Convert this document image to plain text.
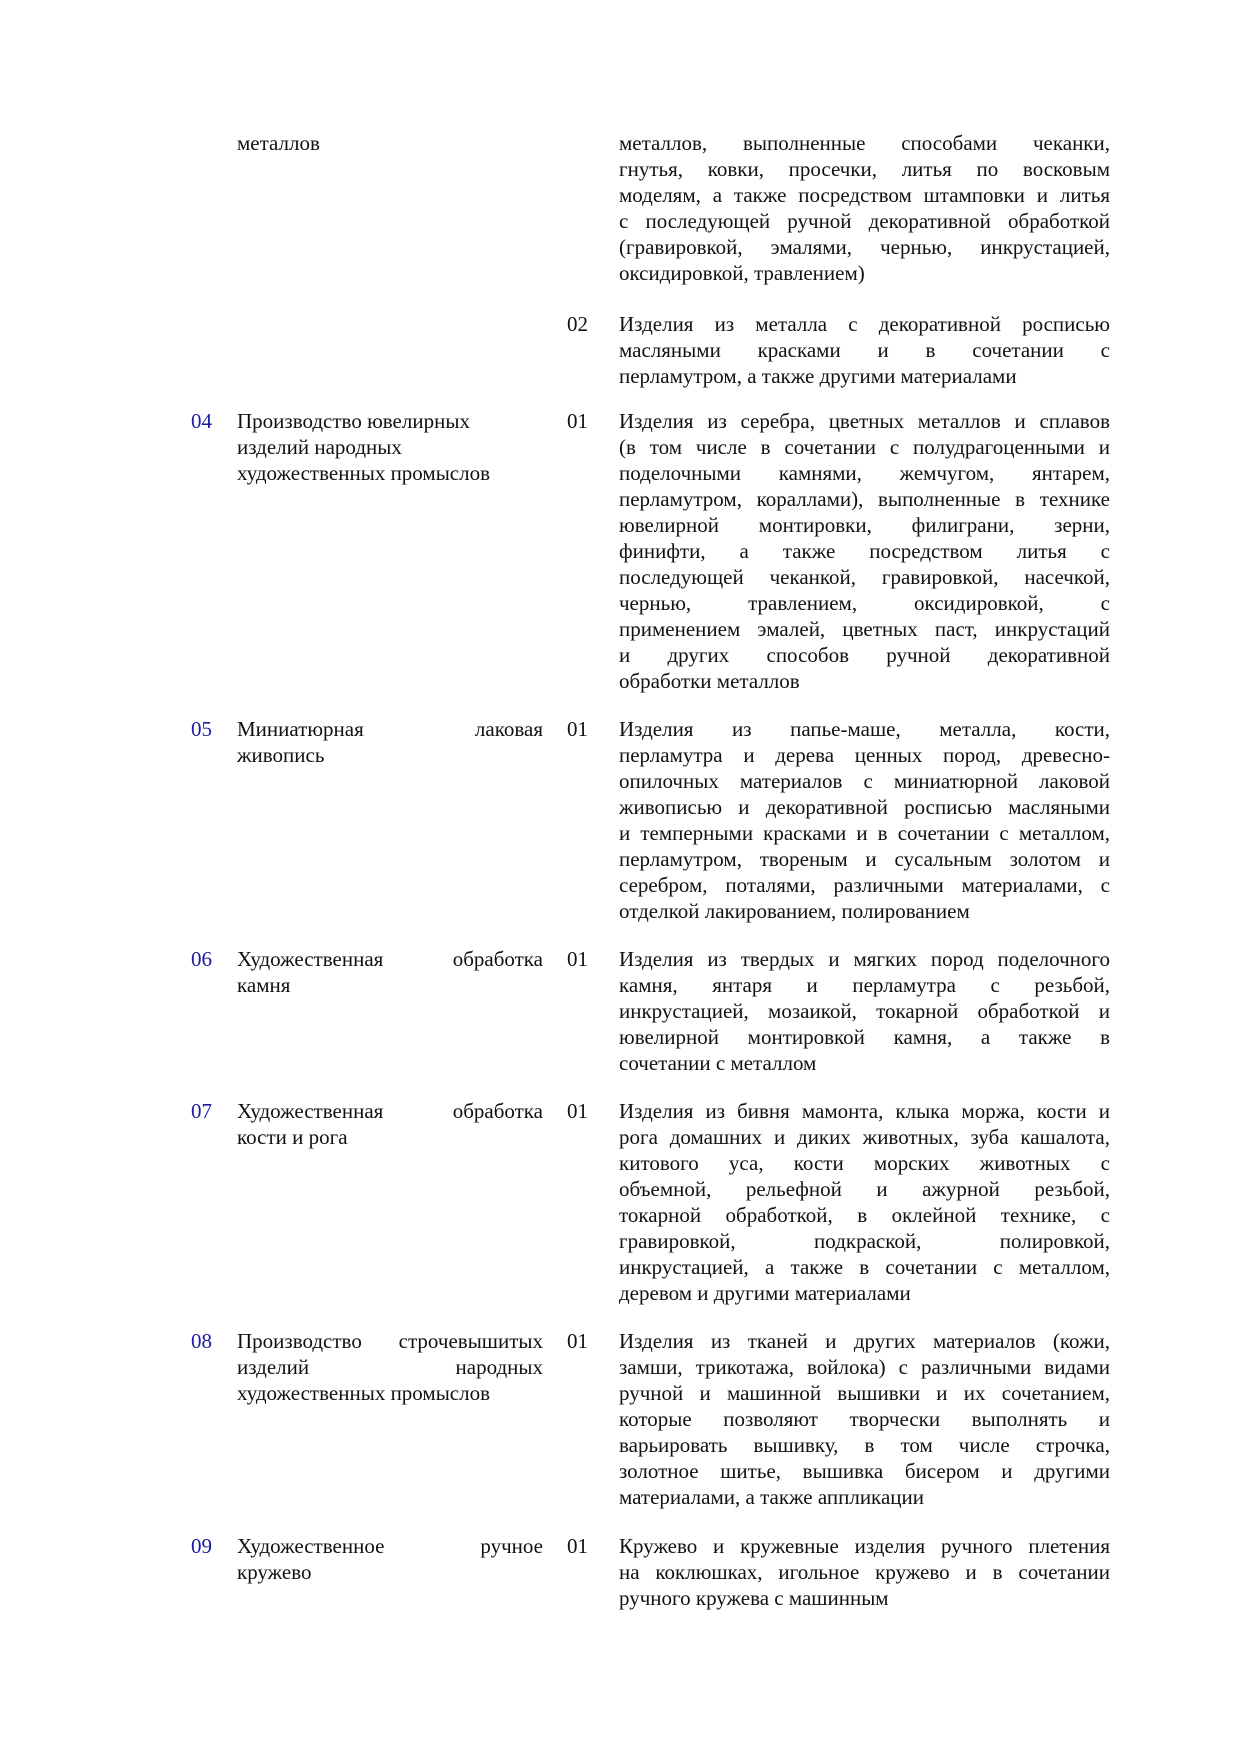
металлов	металлов, выполненные способами чеканки,
гнутья, ковки, просечки, литья по восковым
моделям, а также посредством штамповки и литья
с последующей ручной декоративной обработкой
(гравировкой, эмалями, чернью, инкрустацией,
оксидировкой, травлением)
02 Изделия из металла с декоративной росписью
масляными красками и в сочетании с
перламутром, а также другими материалами
04 Производство ювелирных
изделий народных
художественных промыслов
01 Изделия из серебра, цветных металлов и сплавов
(в том числе в сочетании с полудрагоценными и
поделочными камнями, жемчугом, янтарем,
перламутром, кораллами), выполненные в технике
ювелирной монтировки, филиграни, зерни,
финифти, а также посредством литья с
последующей чеканкой, гравировкой, насечкой,
чернью, травлением, оксидировкой, с
применением эмалей, цветных паст, инкрустаций
и других способов ручной декоративной
обработки металлов
05 Миниатюрная лаковая
живопись
01 Изделия из папье-маше, металла, кости,
перламутра и дерева ценных пород, древесно-
опилочных материалов с миниатюрной лаковой
живописью и декоративной росписью масляными
и темперными красками и в сочетании с металлом,
перламутром, твореным и сусальным золотом и
серебром, поталями, различными материалами, с
отделкой лакированием, полированием
06 Художественная обработка
камня
01 Изделия из твердых и мягких пород поделочного
камня, янтаря и перламутра с резьбой,
инкрустацией, мозаикой, токарной обработкой и
ювелирной монтировкой камня, а также в
сочетании с металлом
07 Художественная обработка
кости и рога
01 Изделия из бивня мамонта, клыка моржа, кости и
рога домашних и диких животных, зуба кашалота,
китового уса, кости морских животных с
объемной, рельефной и ажурной резьбой,
токарной обработкой, в оклейной технике, с
гравировкой, подкраской, полировкой,
инкрустацией, а также в сочетании с металлом,
деревом и другими материалами
08 Производство строчевышитых
изделий народных
художественных промыслов
01 Изделия из тканей и других материалов (кожи,
замши, трикотажа, войлока) с различными видами
ручной и машинной вышивки и их сочетанием,
которые позволяют творчески выполнять и
варьировать вышивку, в том числе строчка,
золотное шитье, вышивка бисером и другими
материалами, а также аппликации
09 Художественное ручное
кружево
01 Кружево и кружевные изделия ручного плетения
на коклюшках, игольное кружево и в сочетании
ручного кружева с машинным
